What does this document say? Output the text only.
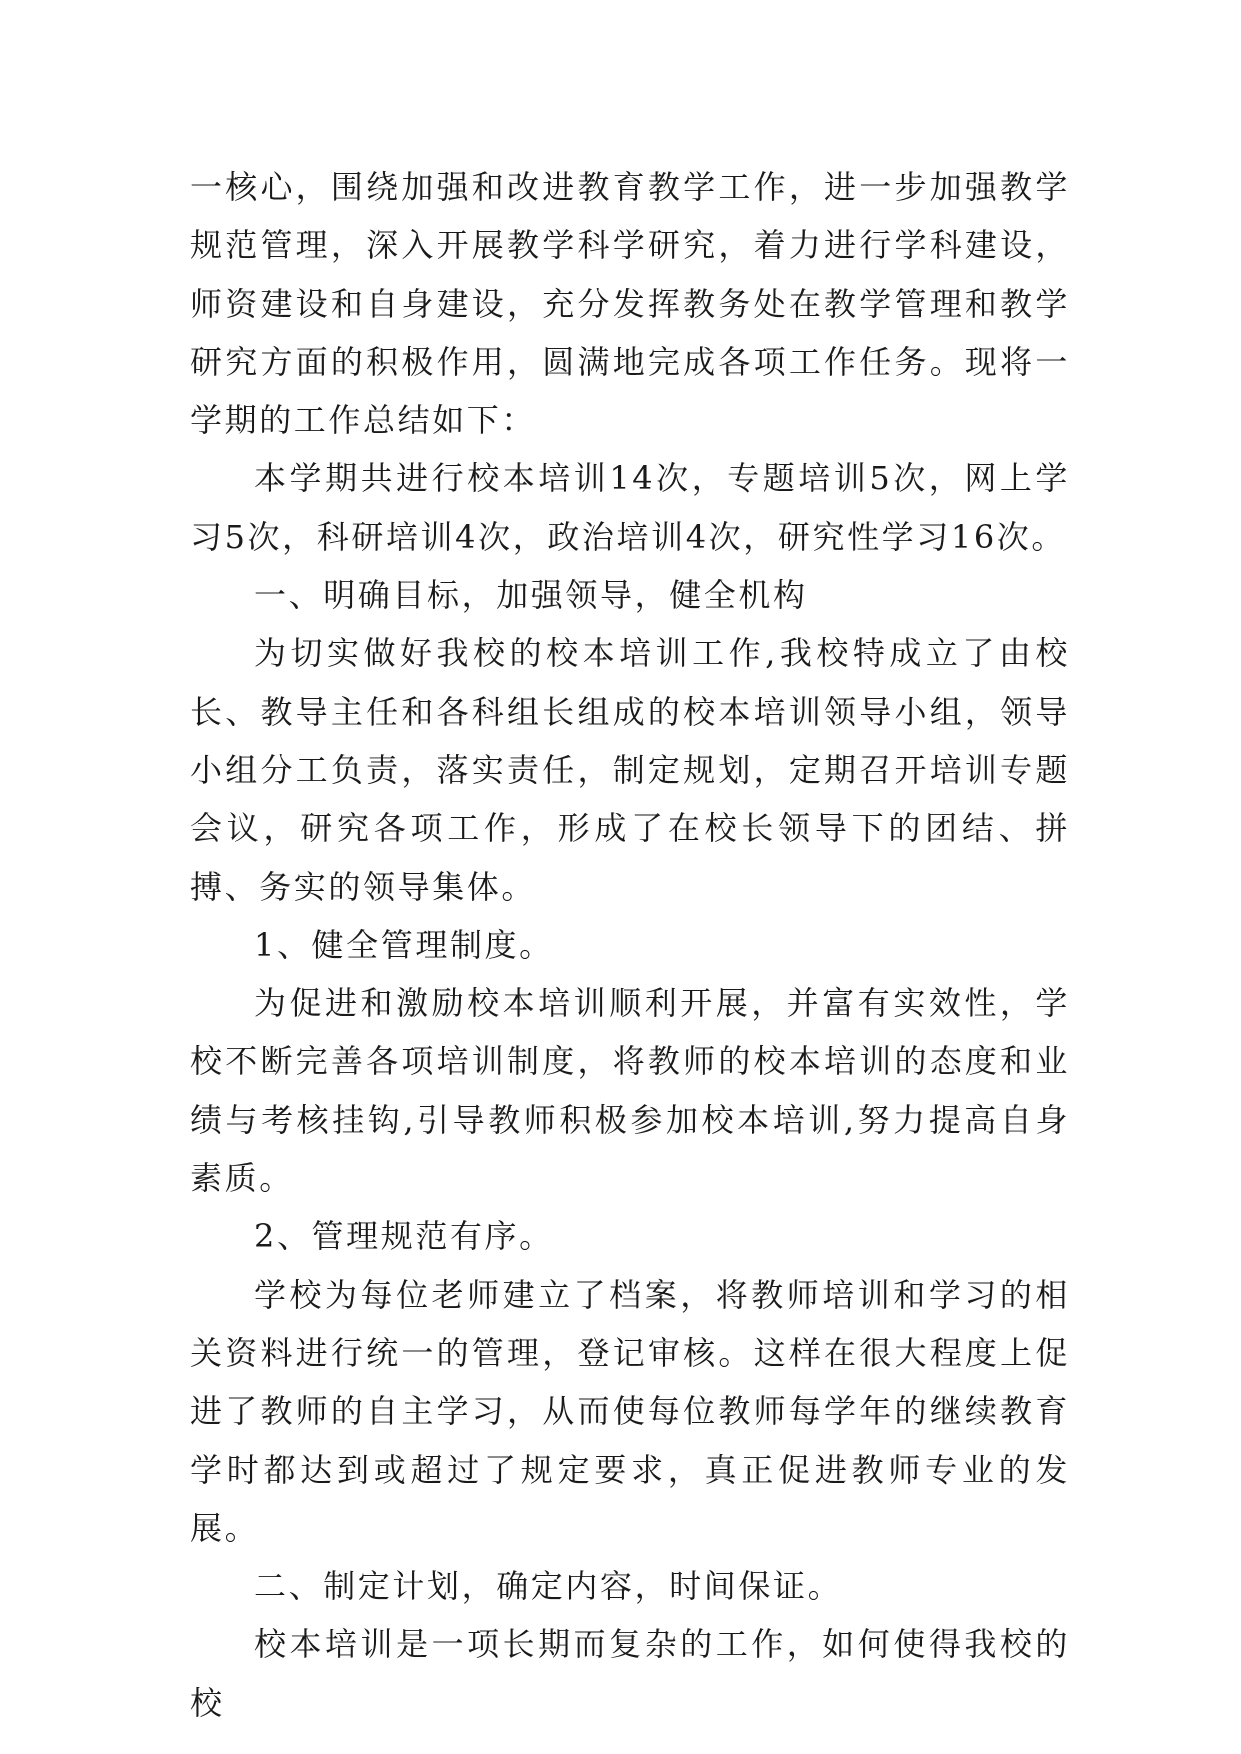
一核心，围绕加强和改进教育教学工作，进一步加强教学规范管理，深入开展教学科学研究，着力进行学科建设，师资建设和自身建设，充分发挥教务处在教学管理和教学研究方面的积极作用，圆满地完成各项工作任务。现将一学期的工作总结如下：

本学期共进行校本培训14次，专题培训5次，网上学习5次，科研培训4次，政治培训4次，研究性学习16次。

一、明确目标，加强领导，健全机构

为切实做好我校的校本培训工作,我校特成立了由校长、教导主任和各科组长组成的校本培训领导小组，领导小组分工负责，落实责任，制定规划，定期召开培训专题会议，研究各项工作，形成了在校长领导下的团结、拼搏、务实的领导集体。

1、健全管理制度。

为促进和激励校本培训顺利开展，并富有实效性，学校不断完善各项培训制度，将教师的校本培训的态度和业绩与考核挂钩,引导教师积极参加校本培训,努力提高自身素质。

2、管理规范有序。

学校为每位老师建立了档案，将教师培训和学习的相关资料进行统一的管理，登记审核。这样在很大程度上促进了教师的自主学习，从而使每位教师每学年的继续教育学时都达到或超过了规定要求，真正促进教师专业的发展。

二、制定计划，确定内容，时间保证。

校本培训是一项长期而复杂的工作，如何使得我校的校
